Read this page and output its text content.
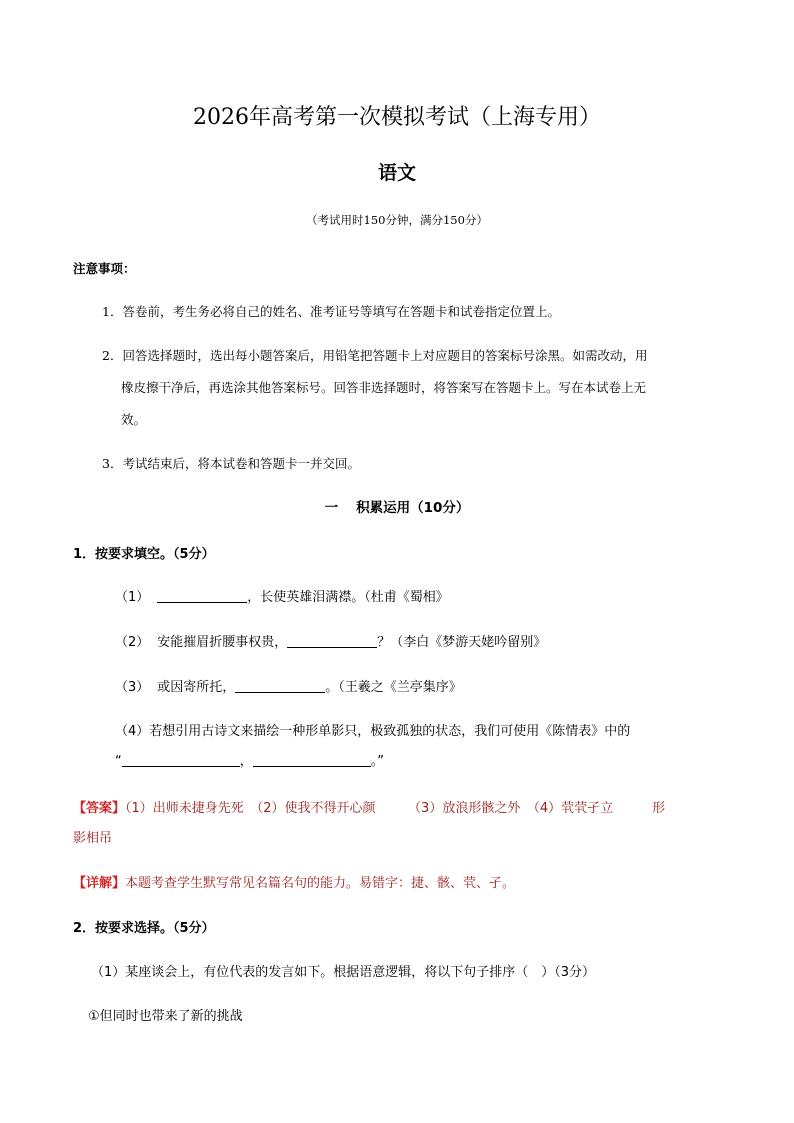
2026年高考第一次模拟考试（上海专用）
语文
（考试用时150分钟，满分150分）
注意事项：
1．答卷前，考生务必将自己的姓名、准考证号等填写在答题卡和试卷指定位置上。
2．回答选择题时，选出每小题答案后，用铅笔把答题卡上对应题目的答案标号涂黑。如需改动，用
橡皮擦干净后，再选涂其他答案标号。回答非选择题时，将答案写在答题卡上。写在本试卷上无
效。
3．考试结束后，将本试卷和答题卡一并交回。
一 积累运用（10分）
1．按要求填空。（5分）
（1）	，长使英雄泪满襟。（杜甫《蜀相》
（2） 安能摧眉折腰事权贵，	？（李白《梦游天姥吟留别》
（3） 或因寄所托，	。（王羲之《兰亭集序》
（4）若想引用古诗文来描绘一种形单影只，极致孤独的状态，我们可使用《陈情表》中的
“	，	。”
【答案】（1）出师未捷身先死　（2）使我不得开心颜　　　（3）放浪形骸之外　（4）茕茕孑立　　　形
影相吊
【详解】本题考查学生默写常见名篇名句的能力。易错字：捷、骸、茕、孑。
2．按要求选择。（5分）
（1）某座谈会上，有位代表的发言如下。根据语意逻辑，将以下句子排序（　）（3分）
①但同时也带来了新的挑战
